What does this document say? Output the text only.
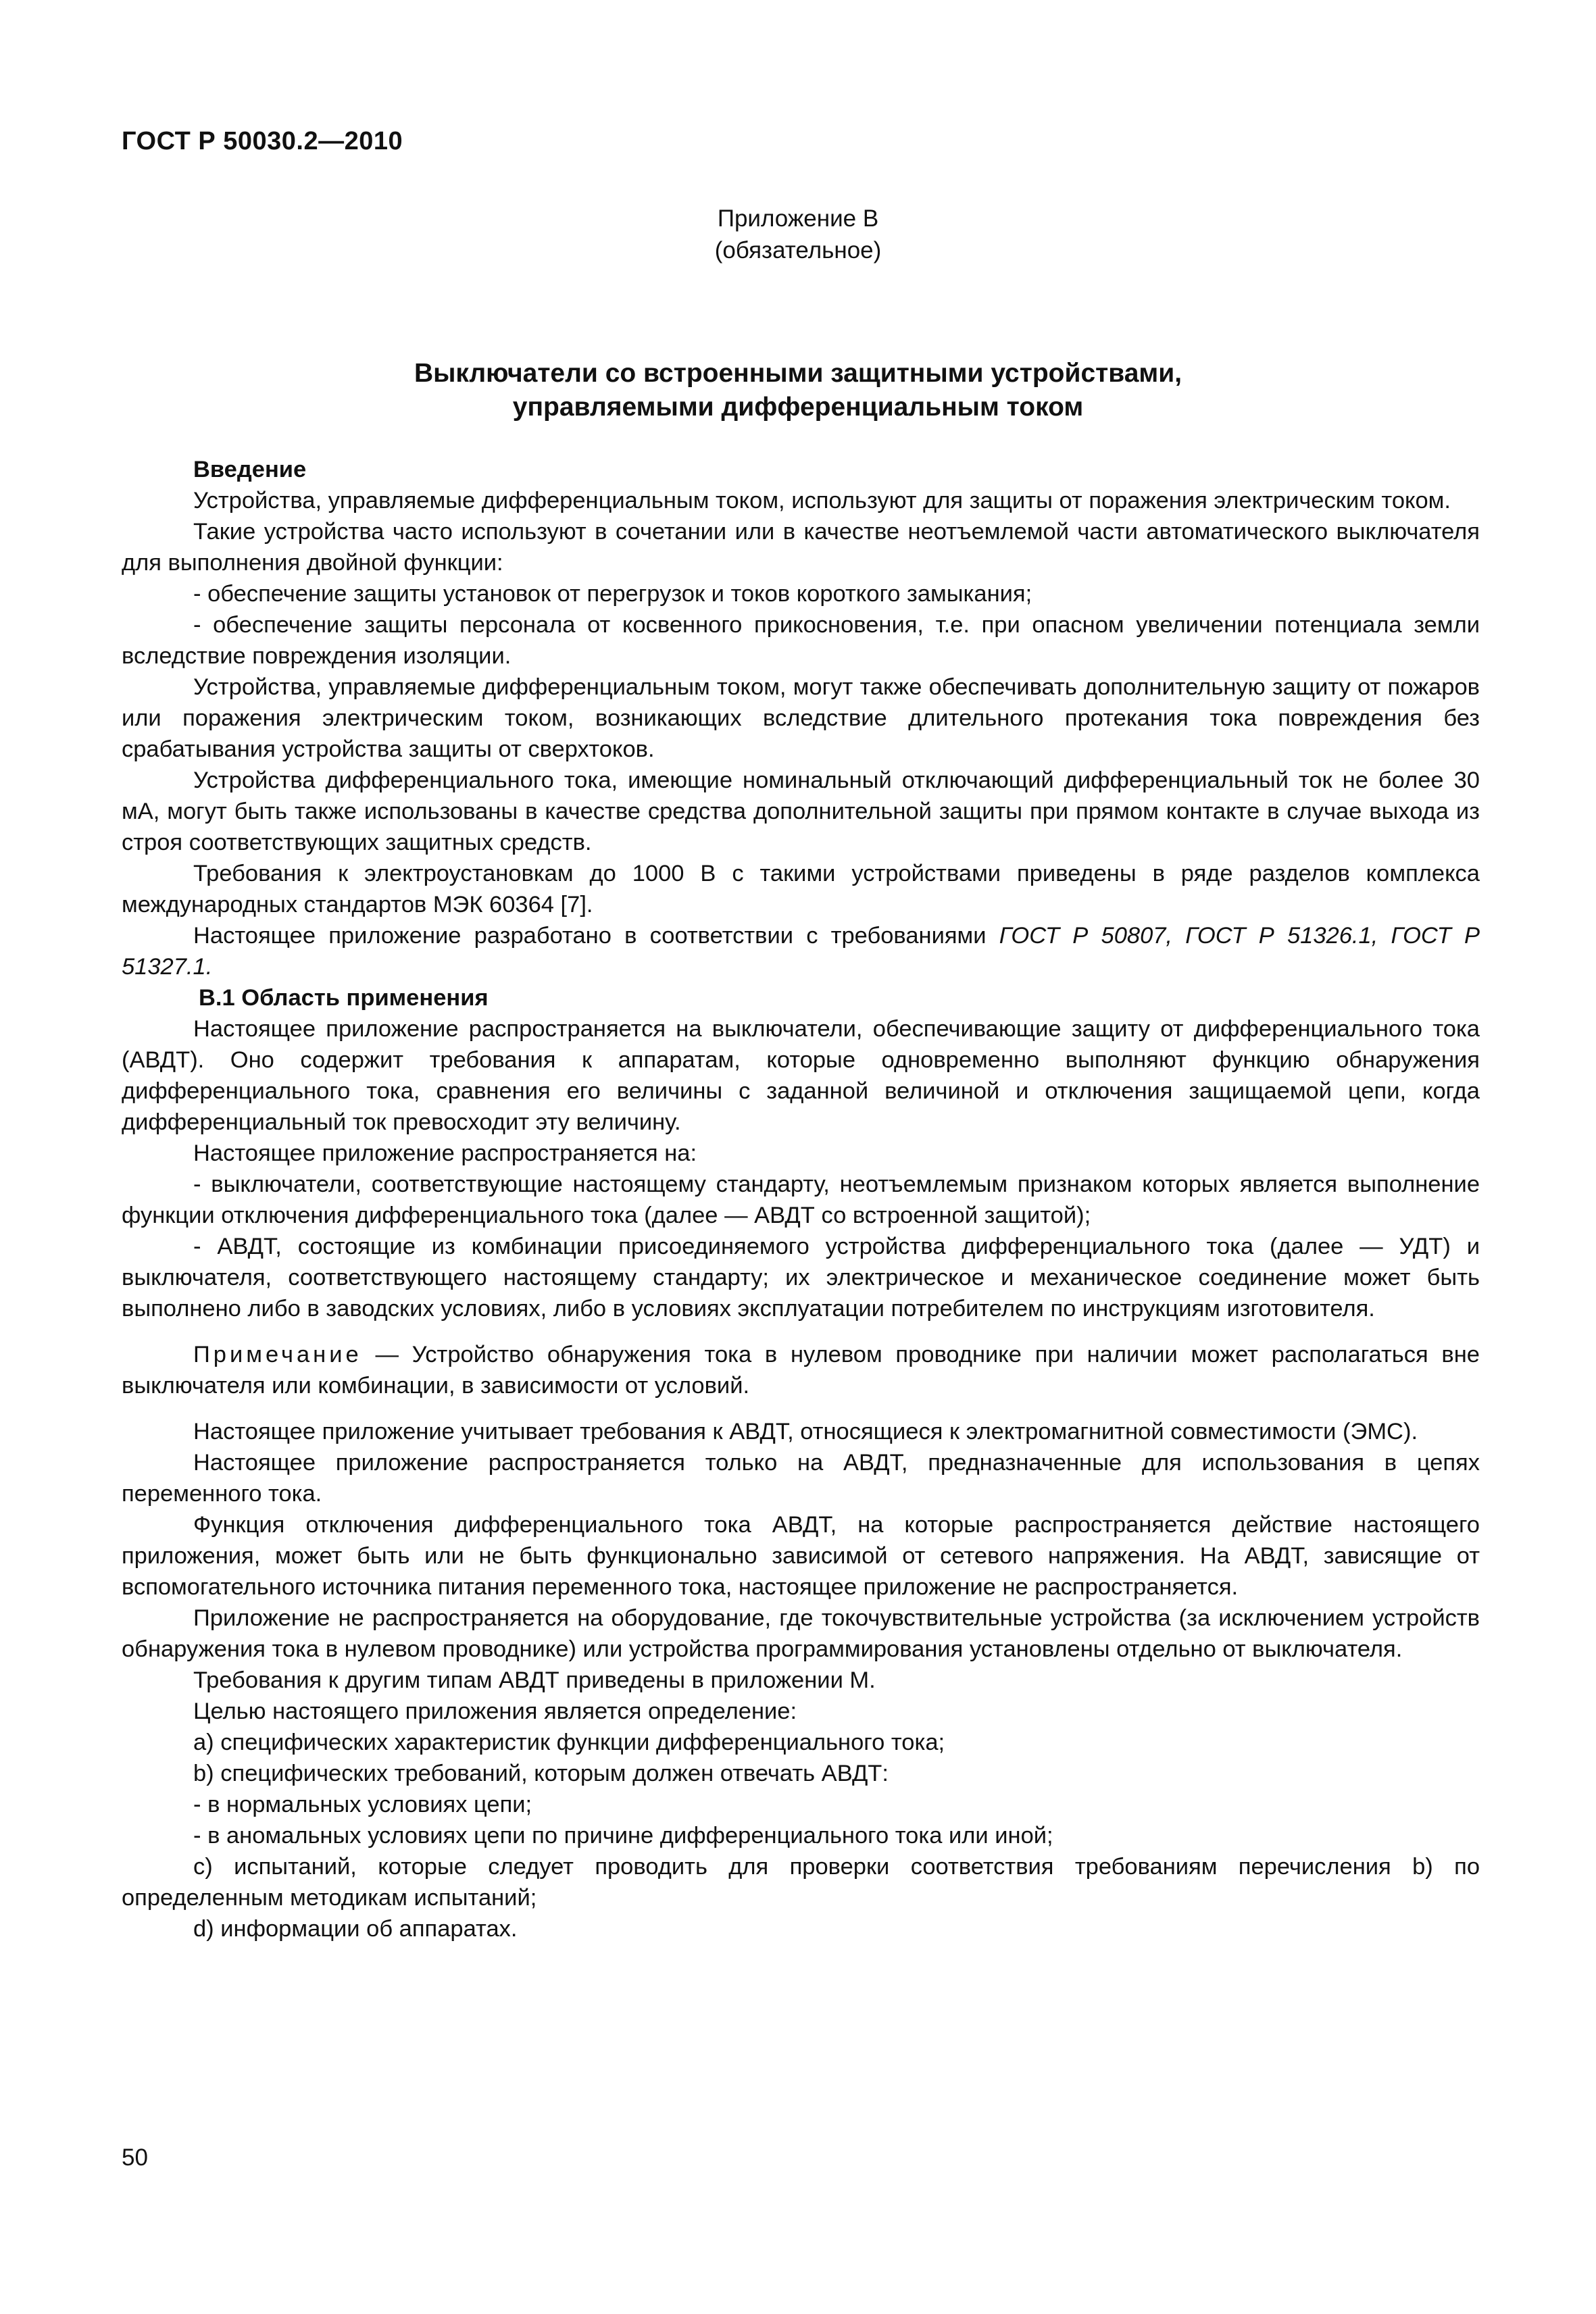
ГОСТ Р 50030.2—2010
Приложение В
(обязательное)
Выключатели со встроенными защитными устройствами,
управляемыми дифференциальным током
Введение

Устройства, управляемые дифференциальным током, используют для защиты от поражения электрическим током.

Такие устройства часто используют в сочетании или в качестве неотъемлемой части автоматического выключателя для выполнения двойной функции:

- обеспечение защиты установок от перегрузок и токов короткого замыкания;

- обеспечение защиты персонала от косвенного прикосновения, т.е. при опасном увеличении потенциала земли вследствие повреждения изоляции.

Устройства, управляемые дифференциальным током, могут также обеспечивать дополнительную защиту от пожаров или поражения электрическим током, возникающих вследствие длительного протекания тока повреждения без срабатывания устройства защиты от сверхтоков.

Устройства дифференциального тока, имеющие номинальный отключающий дифференциальный ток не более 30 мА, могут быть также использованы в качестве средства дополнительной защиты при прямом контакте в случае выхода из строя соответствующих защитных средств.

Требования к электроустановкам до 1000 В с такими устройствами приведены в ряде разделов комплекса международных стандартов МЭК 60364 [7].

Настоящее приложение разработано в соответствии с требованиями ГОСТ Р 50807, ГОСТ Р 51326.1, ГОСТ Р 51327.1.

В.1 Область применения

Настоящее приложение распространяется на выключатели, обеспечивающие защиту от дифференциального тока (АВДТ). Оно содержит требования к аппаратам, которые одновременно выполняют функцию обнаружения дифференциального тока, сравнения его величины с заданной величиной и отключения защищаемой цепи, когда дифференциальный ток превосходит эту величину.

Настоящее приложение распространяется на:

- выключатели, соответствующие настоящему стандарту, неотъемлемым признаком которых является выполнение функции отключения дифференциального тока (далее — АВДТ со встроенной защитой);

- АВДТ, состоящие из комбинации присоединяемого устройства дифференциального тока (далее — УДТ) и выключателя, соответствующего настоящему стандарту; их электрическое и механическое соединение может быть выполнено либо в заводских условиях, либо в условиях эксплуатации потребителем по инструкциям изготовителя.

Примечание — Устройство обнаружения тока в нулевом проводнике при наличии может располагаться вне выключателя или комбинации, в зависимости от условий.

Настоящее приложение учитывает требования к АВДТ, относящиеся к электромагнитной совместимости (ЭМС).

Настоящее приложение распространяется только на АВДТ, предназначенные для использования в цепях переменного тока.

Функция отключения дифференциального тока АВДТ, на которые распространяется действие настоящего приложения, может быть или не быть функционально зависимой от сетевого напряжения. На АВДТ, зависящие от вспомогательного источника питания переменного тока, настоящее приложение не распространяется.

Приложение не распространяется на оборудование, где токочувствительные устройства (за исключением устройств обнаружения тока в нулевом проводнике) или устройства программирования установлены отдельно от выключателя.

Требования к другим типам АВДТ приведены в приложении М.

Целью настоящего приложения является определение:

a) специфических характеристик функции дифференциального тока;

b) специфических требований, которым должен отвечать АВДТ:

- в нормальных условиях цепи;

- в аномальных условиях цепи по причине дифференциального тока или иной;

c) испытаний, которые следует проводить для проверки соответствия требованиям перечисления b) по определенным методикам испытаний;

d) информации об аппаратах.

50
